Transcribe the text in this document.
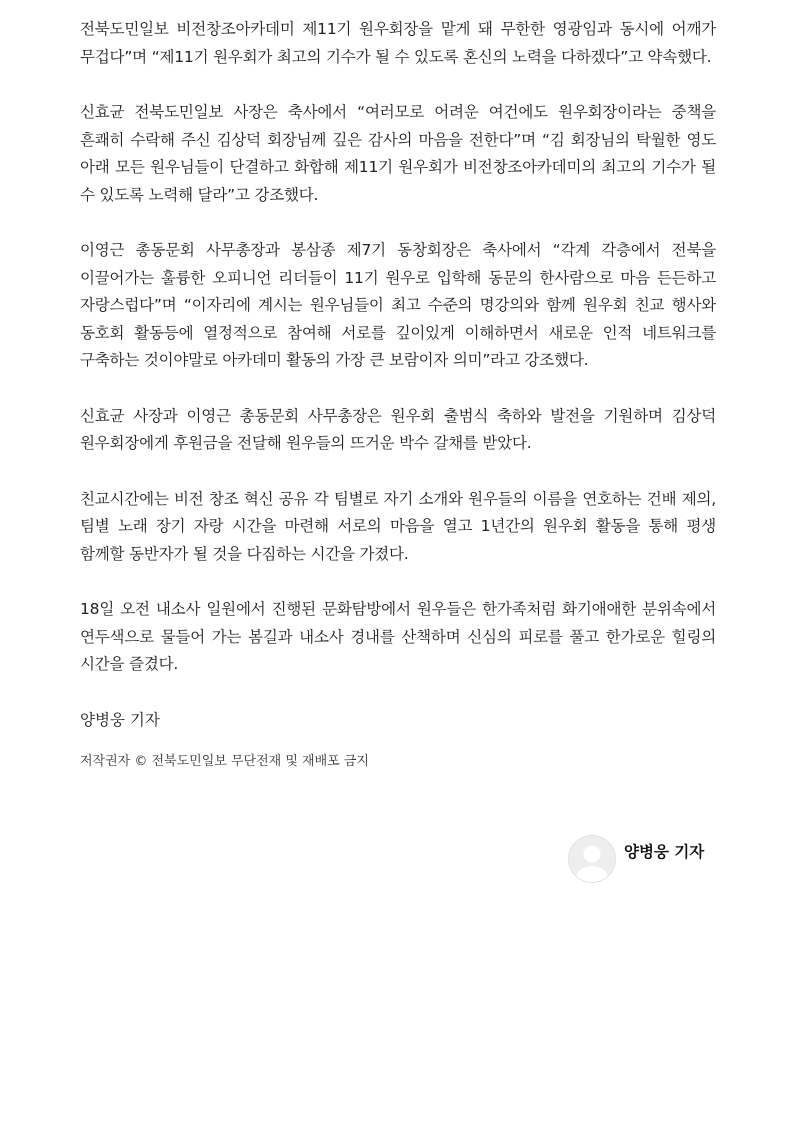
전북도민일보 비전창조아카데미 제11기 원우회장을 맡게 돼 무한한 영광임과 동시에 어깨가 무겁다”며 “제11기 원우회가 최고의 기수가 될 수 있도록 혼신의 노력을 다하겠다”고 약속했다.

신효균 전북도민일보 사장은 축사에서 “여러모로 어려운 여건에도 원우회장이라는 중책을 흔쾌히 수락해 주신 김상덕 회장님께 깊은 감사의 마음을 전한다”며 “김 회장님의 탁월한 영도 아래 모든 원우님들이 단결하고 화합해 제11기 원우회가 비전창조아카데미의 최고의 기수가 될 수 있도록 노력해 달라”고 강조했다.

이영근 총동문회 사무총장과 봉삼종 제7기 동창회장은 축사에서 “각계 각층에서 전북을 이끌어가는 훌륭한 오피니언 리더들이 11기 원우로 입학해 동문의 한사람으로 마음 든든하고 자랑스럽다”며 “이자리에 계시는 원우님들이 최고 수준의 명강의와 함께 원우회 친교 행사와 동호회 활동등에 열정적으로 참여해 서로를 깊이있게 이해하면서 새로운 인적 네트워크를 구축하는 것이야말로 아카데미 활동의 가장 큰 보람이자 의미”라고 강조했다.

신효균 사장과 이영근 총동문회 사무총장은 원우회 출범식 축하와 발전을 기원하며 김상덕 원우회장에게 후원금을 전달해 원우들의 뜨거운 박수 갈채를 받았다.

친교시간에는 비전 창조 혁신 공유 각 팀별로 자기 소개와 원우들의 이름을 연호하는 건배 제의, 팀별 노래 장기 자랑 시간을 마련해 서로의 마음을 열고 1년간의 원우회 활동을 통해 평생 함께할 동반자가 될 것을 다짐하는 시간을 가졌다.

18일 오전 내소사 일원에서 진행된 문화탐방에서 원우들은 한가족처럼 화기애애한 분위속에서 연두색으로 물들어 가는 봄길과 내소사 경내를 산책하며 신심의 피로를 풀고 한가로운 힐링의 시간을 즐겼다.

양병웅 기자

저작권자 © 전북도민일보 무단전재 및 재배포 금지

양병웅 기자
